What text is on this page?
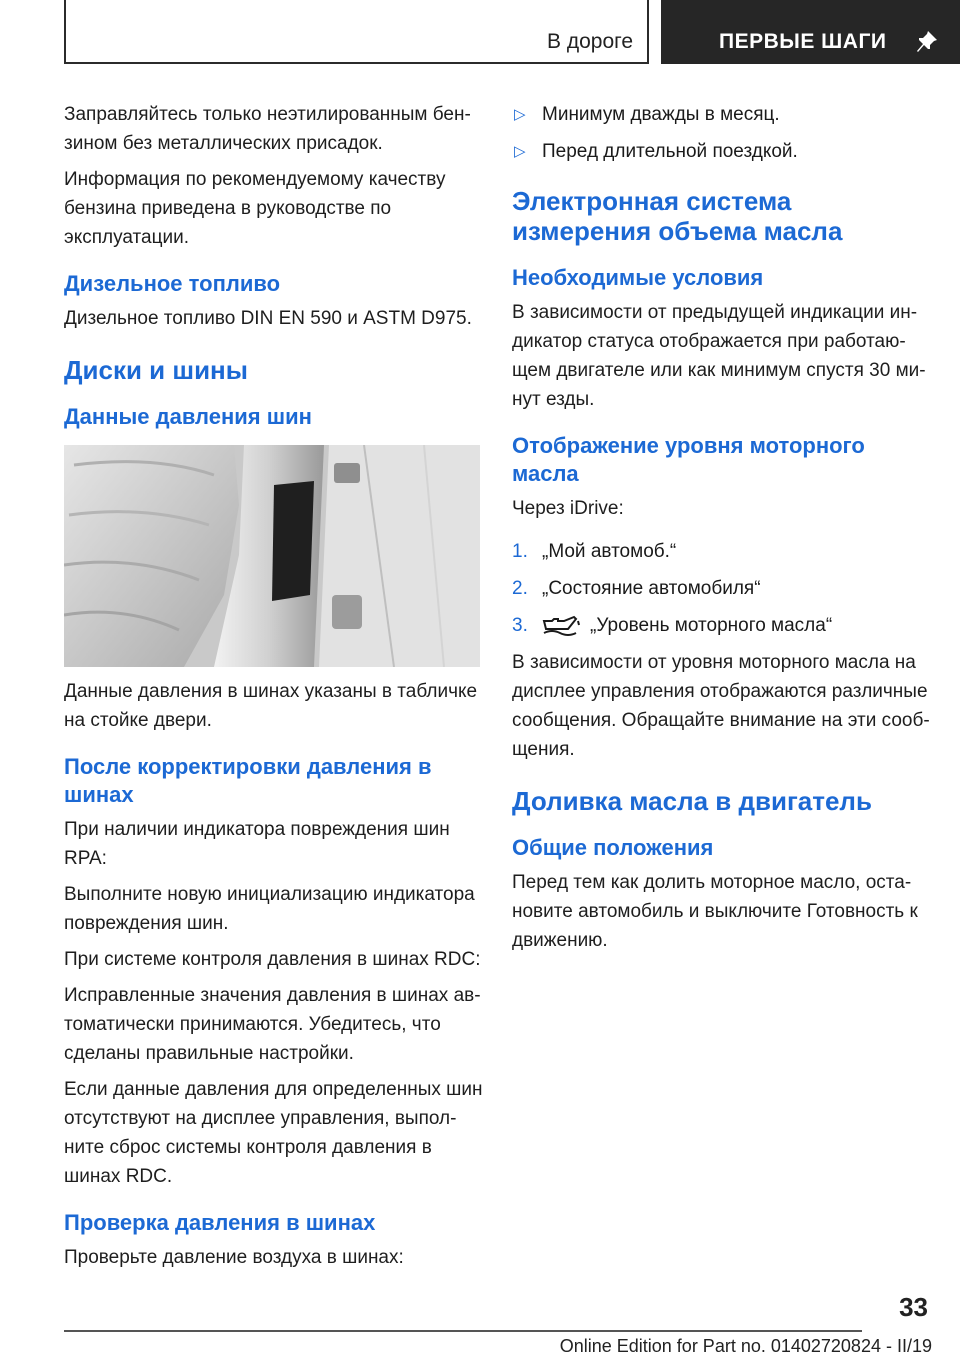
В дороге	ПЕРВЫЕ ШАГИ

Заправляйтесь только неэтилированным бензином без металлических присадок.

Информация по рекомендуемому качеству бензина приведена в руководстве по эксплуатации.

Дизельное топливо

Дизельное топливо DIN EN 590 и ASTM D975.

Диски и шины
Данные давления шин

Данные давления в шинах указаны в табличке на стойке двери.

После корректировки давления в шинах

При наличии индикатора повреждения шин RPA:

Выполните новую инициализацию индикатора повреждения шин.

При системе контроля давления в шинах RDC:

Исправленные значения давления в шинах автоматически принимаются. Убедитесь, что сделаны правильные настройки.

Если данные давления для определенных шин отсутствуют на дисплее управления, выполните сброс системы контроля давления в шинах RDC.

Проверка давления в шинах

Проверьте давление воздуха в шинах:

▷ Минимум дважды в месяц.
▷ Перед длительной поездкой.
Электронная система измерения объема масла
Необходимые условия

В зависимости от предыдущей индикации индикатор статуса отображается при работающем двигателе или как минимум спустя 30 минут езды.

Отображение уровня моторного масла

Через iDrive:

1. „Мой автомоб.“
2. „Состояние автомобиля“
3.	„Уровень моторного масла“

В зависимости от уровня моторного масла на дисплее управления отображаются различные сообщения. Обращайте внимание на эти сообщения.

Доливка масла в двигатель
Общие положения

Перед тем как долить моторное масло, остановите автомобиль и выключите Готовность к движению.

33
Online Edition for Part no. 01402720824 - II/19
